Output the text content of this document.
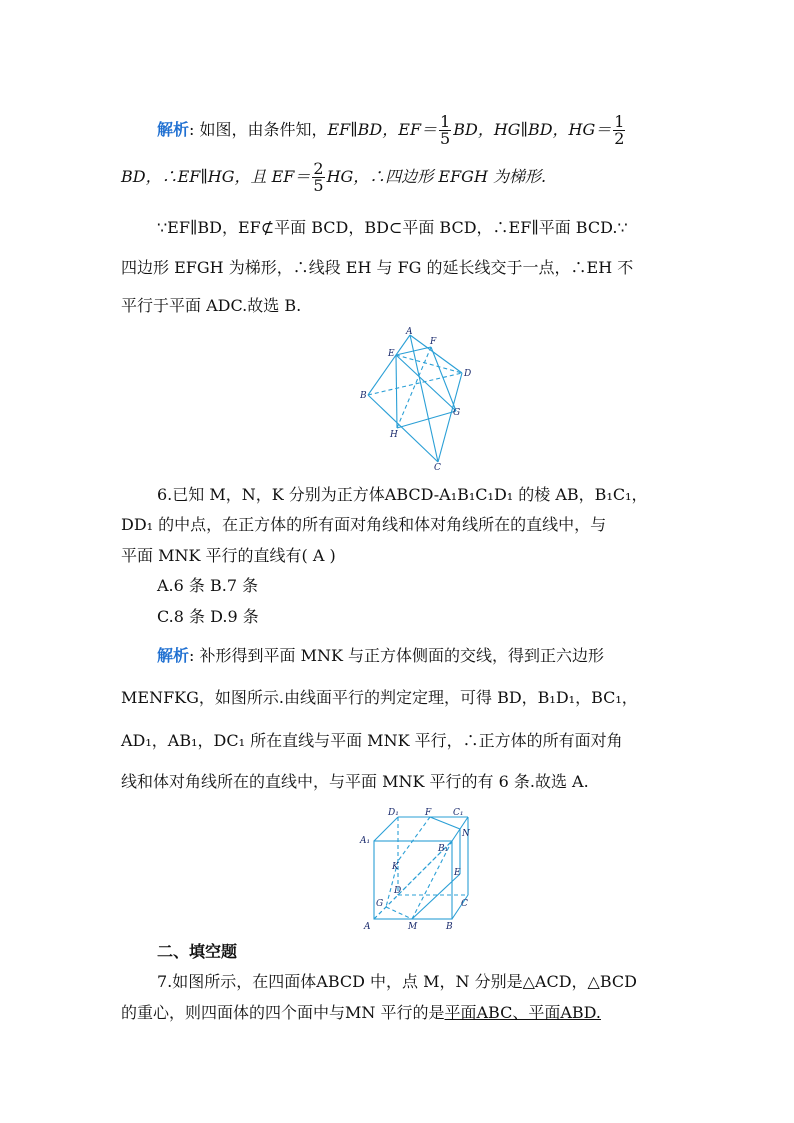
解析: 如图，由条件知，EF∥BD，$EF= \frac{1}{5}$ BD，HG∥BD，$HG= \frac{1}{2}$
BD，∴EF∥HG，且 $EF= \frac{2}{5}$ HG，∴四边形 EFGH 为梯形.
∵EF∥BD，EF⊄平面 BCD，BD⊂平面 BCD，∴EF∥平面 BCD.∵
四边形 EFGH 为梯形，∴线段 EH 与 FG 的延长线交于一点，∴EH 不
平行于平面 ADC.故选 B.
A
E
F
D
B
G
H
C
6.已知 M，N，K 分别为正方体ABCD-A₁B₁C₁D₁ 的棱 AB，B₁C₁，
DD₁ 的中点，在正方体的所有面对角线和体对角线所在的直线中，与
平面 MNK 平行的直线有( A )
A.6 条 B.7 条
C.8 条 D.9 条
解析: 补形得到平面 MNK 与正方体侧面的交线，得到正六边形
MENFKG，如图所示.由线面平行的判定定理，可得 BD，B₁D₁，BC₁，
AD₁，AB₁，DC₁ 所在直线与平面 MNK 平行，∴正方体的所有面对角
线和体对角线所在的直线中，与平面 MNK 平行的有 6 条.故选 A.
D₁	F C₁
N
A₁
B₁
K
E
D
G	C
A	M	B
二、填空题
7.如图所示，在四面体ABCD 中，点 M，N 分别是△ACD，△BCD
的重心，则四面体的四个面中与MN 平行的是平面ABC、平面ABD.
